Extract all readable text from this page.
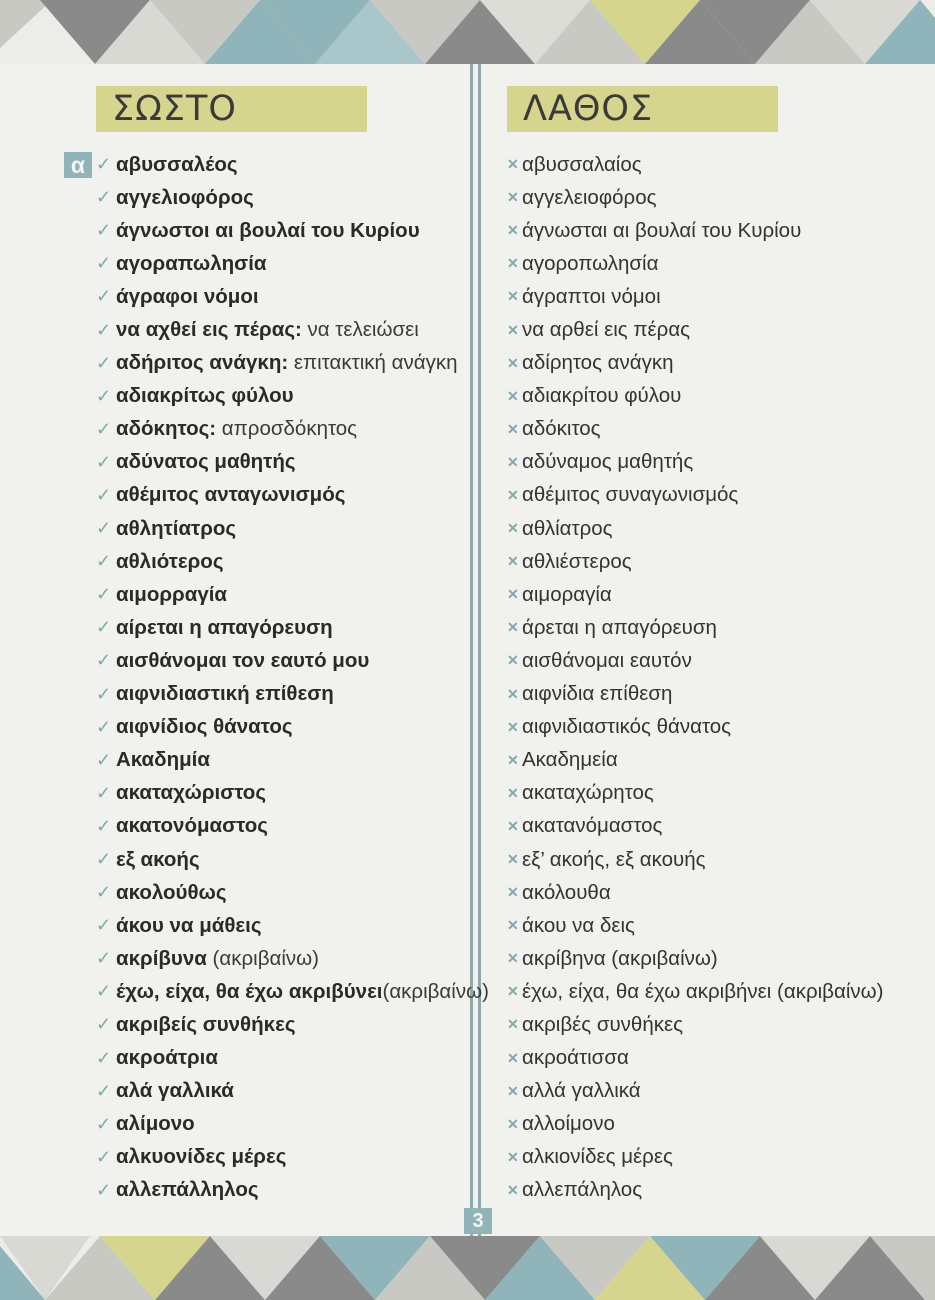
ΣΩΣΤΟ	ΛΑΘΟΣ
α ✓ αβυσσαλέος
✓ αγγελιοφόρος
✓ άγνωστοι αι βουλαί του Κυρίου
✓ αγοραπωλησία
✓ άγραφοι νόμοι
✓ να αχθεί εις πέρας: να τελειώσει
✓ αδήριτος ανάγκη: επιτακτική ανάγκη
✓ αδιακρίτως φύλου
✓ αδόκητος: απροσδόκητος
✓ αδύνατος μαθητής
✓ αθέμιτος ανταγωνισμός
✓ αθλητίατρος
✓ αθλιότερος
✓ αιμορραγία
✓ αίρεται η απαγόρευση
✓ αισθάνομαι τον εαυτό μου
✓ αιφνιδιαστική επίθεση
✓ αιφνίδιος θάνατος
✓ Ακαδημία
✓ ακαταχώριστος
✓ ακατονόμαστος
✓ εξ ακοής
✓ ακολούθως
✓ άκου να μάθεις
✓ ακρίβυνα (ακριβαίνω)
✓ έχω, είχα, θα έχω ακριβύνει (ακριβαίνω)
✓ ακριβείς συνθήκες
✓ ακροάτρια
✓ αλά γαλλικά
✓ αλίμονο
✓ αλκυονίδες μέρες
✓ αλλεπάλληλος
✕ αβυσσαλαίος
✕ αγγελειοφόρος
✕ άγνωσται αι βουλαί του Κυρίου
✕ αγοροπωλησία
✕ άγραπτοι νόμοι
✕ να αρθεί εις πέρας
✕ αδίρητος ανάγκη
✕ αδιακρίτου φύλου
✕ αδόκιτος
✕ αδύναμος μαθητής
✕ αθέμιτος συναγωνισμός
✕ αθλίατρος
✕ αθλιέστερος
✕ αιμοραγία
✕ άρεται η απαγόρευση
✕ αισθάνομαι εαυτόν
✕ αιφνίδια επίθεση
✕ αιφνιδιαστικός θάνατος
✕ Ακαδημεία
✕ ακαταχώρητος
✕ ακατανόμαστος
✕ εξ’ ακοής, εξ ακουής
✕ ακόλουθα
✕ άκου να δεις
✕ ακρίβηνα (ακριβαίνω)
✕ έχω, είχα, θα έχω ακριβήνει (ακριβαίνω)
✕ ακριβές συνθήκες
✕ ακροάτισσα
✕ αλλά γαλλικά
✕ αλλοίμονο
✕ αλκιονίδες μέρες
✕ αλλεπάληλος
3
